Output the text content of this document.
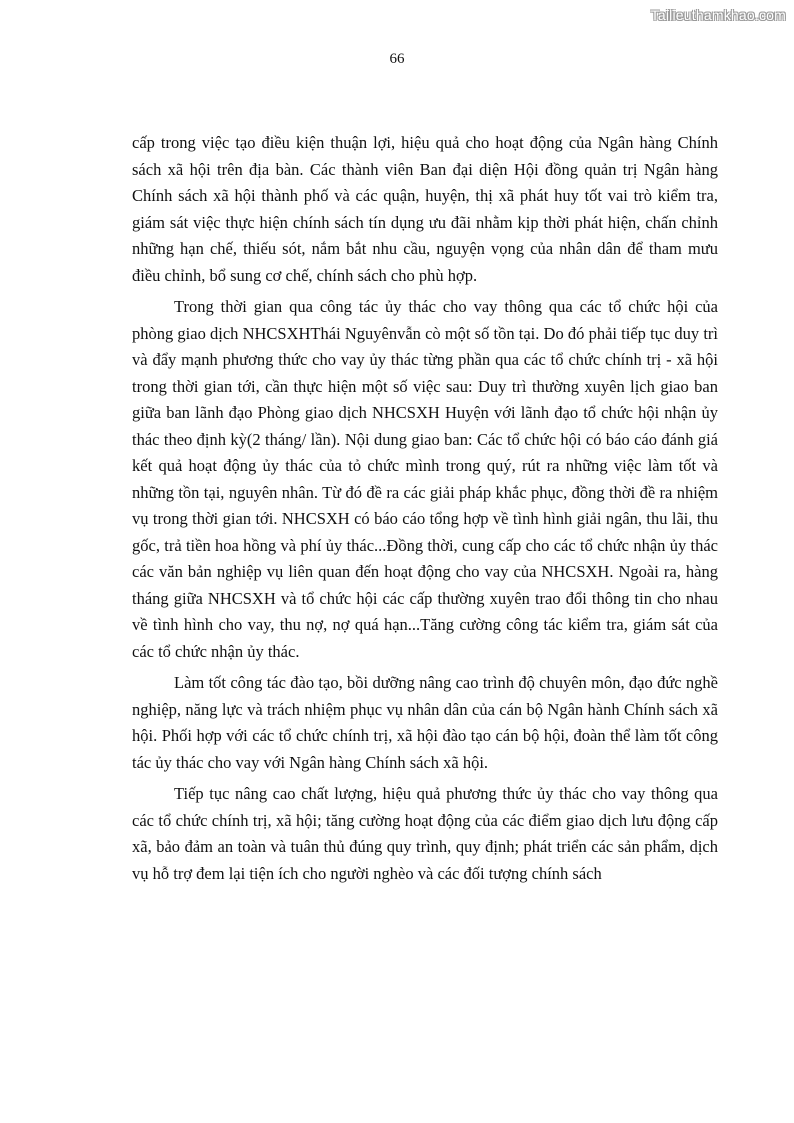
Tailieuthamkhao.com
66

cấp trong việc tạo điều kiện thuận lợi, hiệu quả cho hoạt động của Ngân hàng Chính sách xã hội trên địa bàn. Các thành viên Ban đại diện Hội đồng quản trị Ngân hàng Chính sách xã hội thành phố và các quận, huyện, thị xã phát huy tốt vai trò kiểm tra, giám sát việc thực hiện chính sách tín dụng ưu đãi nhằm kịp thời phát hiện, chấn chỉnh những hạn chế, thiếu sót, nắm bắt nhu cầu, nguyện vọng của nhân dân để tham mưu điều chỉnh, bổ sung cơ chế, chính sách cho phù hợp.

Trong thời gian qua công tác ủy thác cho vay thông qua các tổ chức hội của phòng giao dịch NHCSXHThái Nguyênvẫn cò một số tồn tại. Do đó phải tiếp tục duy trì và đẩy mạnh phương thức cho vay ủy thác từng phần qua các tổ chức chính trị - xã hội trong thời gian tới, cần thực hiện một số việc sau: Duy trì thường xuyên lịch giao ban giữa ban lãnh đạo Phòng giao dịch NHCSXH Huyện với lãnh đạo tổ chức hội nhận ủy thác theo định kỳ(2 tháng/ lần). Nội dung giao ban: Các tổ chức hội có báo cáo đánh giá kết quả hoạt động ủy thác của tỏ chức mình trong quý, rút ra những việc làm tốt và những tồn tại, nguyên nhân. Từ đó đề ra các giải pháp khắc phục, đồng thời đề ra nhiệm vụ trong thời gian tới. NHCSXH có báo cáo tổng hợp về tình hình giải ngân, thu lãi, thu gốc, trả tiền hoa hồng và phí ủy thác...Đồng thời, cung cấp cho các tổ chức nhận ủy thác các văn bản nghiệp vụ liên quan đến hoạt động cho vay của NHCSXH. Ngoài ra, hàng tháng giữa NHCSXH và tổ chức hội các cấp thường xuyên trao đổi thông tin cho nhau về tình hình cho vay, thu nợ, nợ quá hạn...Tăng cường công tác kiểm tra, giám sát của các tổ chức nhận ủy thác.

Làm tốt công tác đào tạo, bồi dưỡng nâng cao trình độ chuyên môn, đạo đức nghề nghiệp, năng lực và trách nhiệm phục vụ nhân dân của cán bộ Ngân hành Chính sách xã hội. Phối hợp với các tổ chức chính trị, xã hội đào tạo cán bộ hội, đoàn thể làm tốt công tác ủy thác cho vay với Ngân hàng Chính sách xã hội.

Tiếp tục nâng cao chất lượng, hiệu quả phương thức ủy thác cho vay thông qua các tổ chức chính trị, xã hội; tăng cường hoạt động của các điểm giao dịch lưu động cấp xã, bảo đảm an toàn và tuân thủ đúng quy trình, quy định; phát triển các sản phẩm, dịch vụ hỗ trợ đem lại tiện ích cho người nghèo và các đối tượng chính sách
